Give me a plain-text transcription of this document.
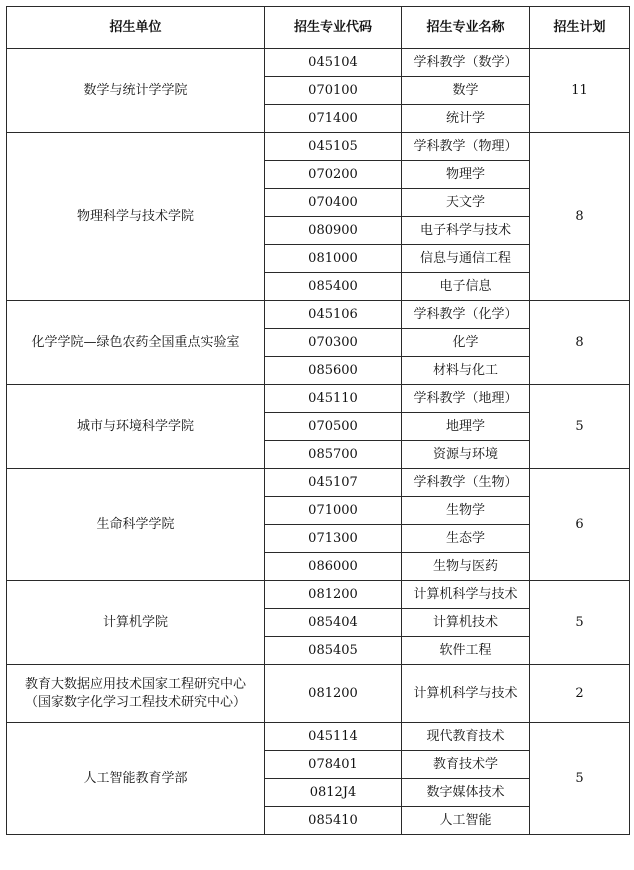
招生单位	招生专业代码	招生专业名称	招生计划
数学与统计学学院	045104	学科教学（数学）	11
	070100	数学	
	071400	统计学	
物理科学与技术学院	045105	学科教学（物理）	8
	070200	物理学	
	070400	天文学	
	080900	电子科学与技术	
	081000	信息与通信工程	
	085400	电子信息	
化学学院—绿色农药全国重点实验室	045106	学科教学（化学）	8
	070300	化学	
	085600	材料与化工	
城市与环境科学学院	045110	学科教学（地理）	5
	070500	地理学	
	085700	资源与环境	
生命科学学院	045107	学科教学（生物）	6
	071000	生物学	
	071300	生态学	
	086000	生物与医药	
计算机学院	081200	计算机科学与技术	5
	085404	计算机技术	
	085405	软件工程	

教育大数据应用技术国家工程研究中心
（国家数字化学习工程技术研究中心）	081200	计算机科学与技术	2
人工智能教育学部	045114	现代教育技术	5
	078401	教育技术学	
	0812J4	数字媒体技术	
	085410	人工智能	
